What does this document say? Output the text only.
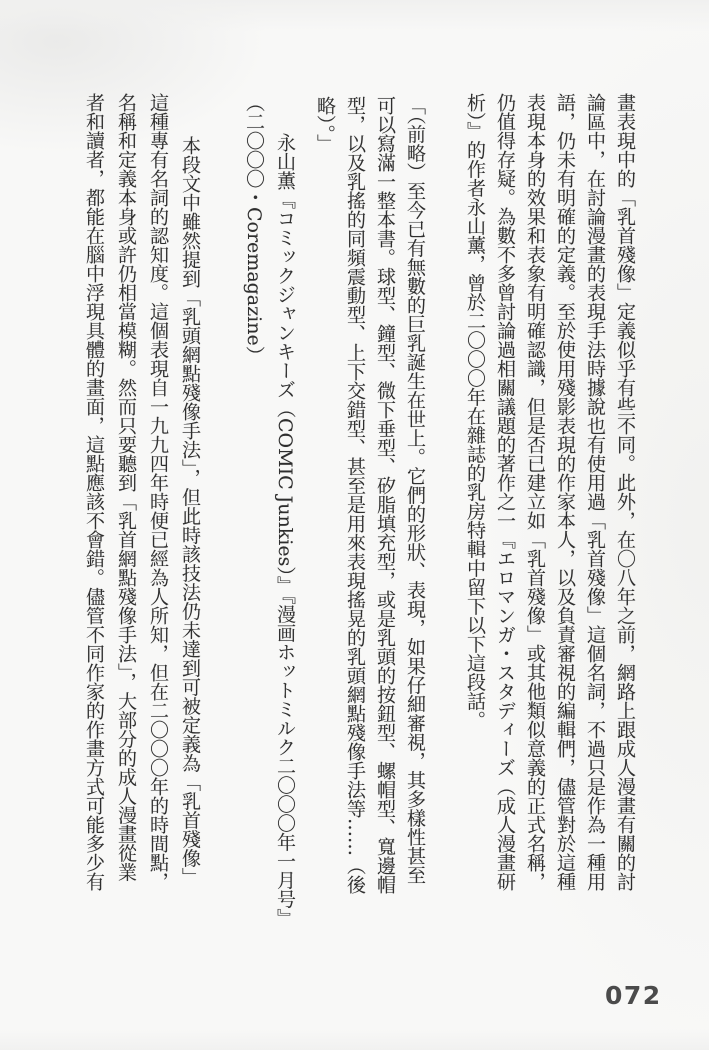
畫表現中的「乳首殘像」定義似乎有些不同。此外，在〇八年之前，網路上跟成人漫畫有關的討論區中，在討論漫畫的表現手法時據說也有使用過「乳首殘像」這個名詞，不過只是作為一種用語，仍未有明確的定義。至於使用殘影表現的作家本人，以及負責審視的編輯們，儘管對於這種表現本身的效果和表象有明確認識，但是否已建立如「乳首殘像」或其他類似意義的正式名稱，仍值得存疑。為數不多曾討論過相關議題的著作之一『エロマンガ・スタディーズ（成人漫畫研析）』的作者永山薰，曾於二〇〇〇年在雜誌的乳房特輯中留下以下這段話。
「（前略）至今已有無數的巨乳誕生在世上。它們的形狀、表現，如果仔細審視，其多樣性甚至可以寫滿一整本書。球型、鐘型、微下垂型、矽脂填充型，或是乳頭的按鈕型、螺帽型、寬邊帽型，以及乳搖的同頻震動型、上下交錯型、甚至是用來表現搖晃的乳頭網點殘像手法等……（後略）。」
永山薫『コミックジャンキーズ（COMIC Junkies）』『漫画ホットミルク二〇〇〇年一月号』（二〇〇〇・Coremagazine）
本段文中雖然提到「乳頭網點殘像手法」，但此時該技法仍未達到可被定義為「乳首殘像」這種專有名詞的認知度。這個表現自一九九四年時便已經為人所知，但在二〇〇〇年的時間點，名稱和定義本身或許仍相當模糊。然而只要聽到「乳首網點殘像手法」，大部分的成人漫畫從業者和讀者，都能在腦中浮現具體的畫面，這點應該不會錯。儘管不同作家的作畫方式可能多少有
072
